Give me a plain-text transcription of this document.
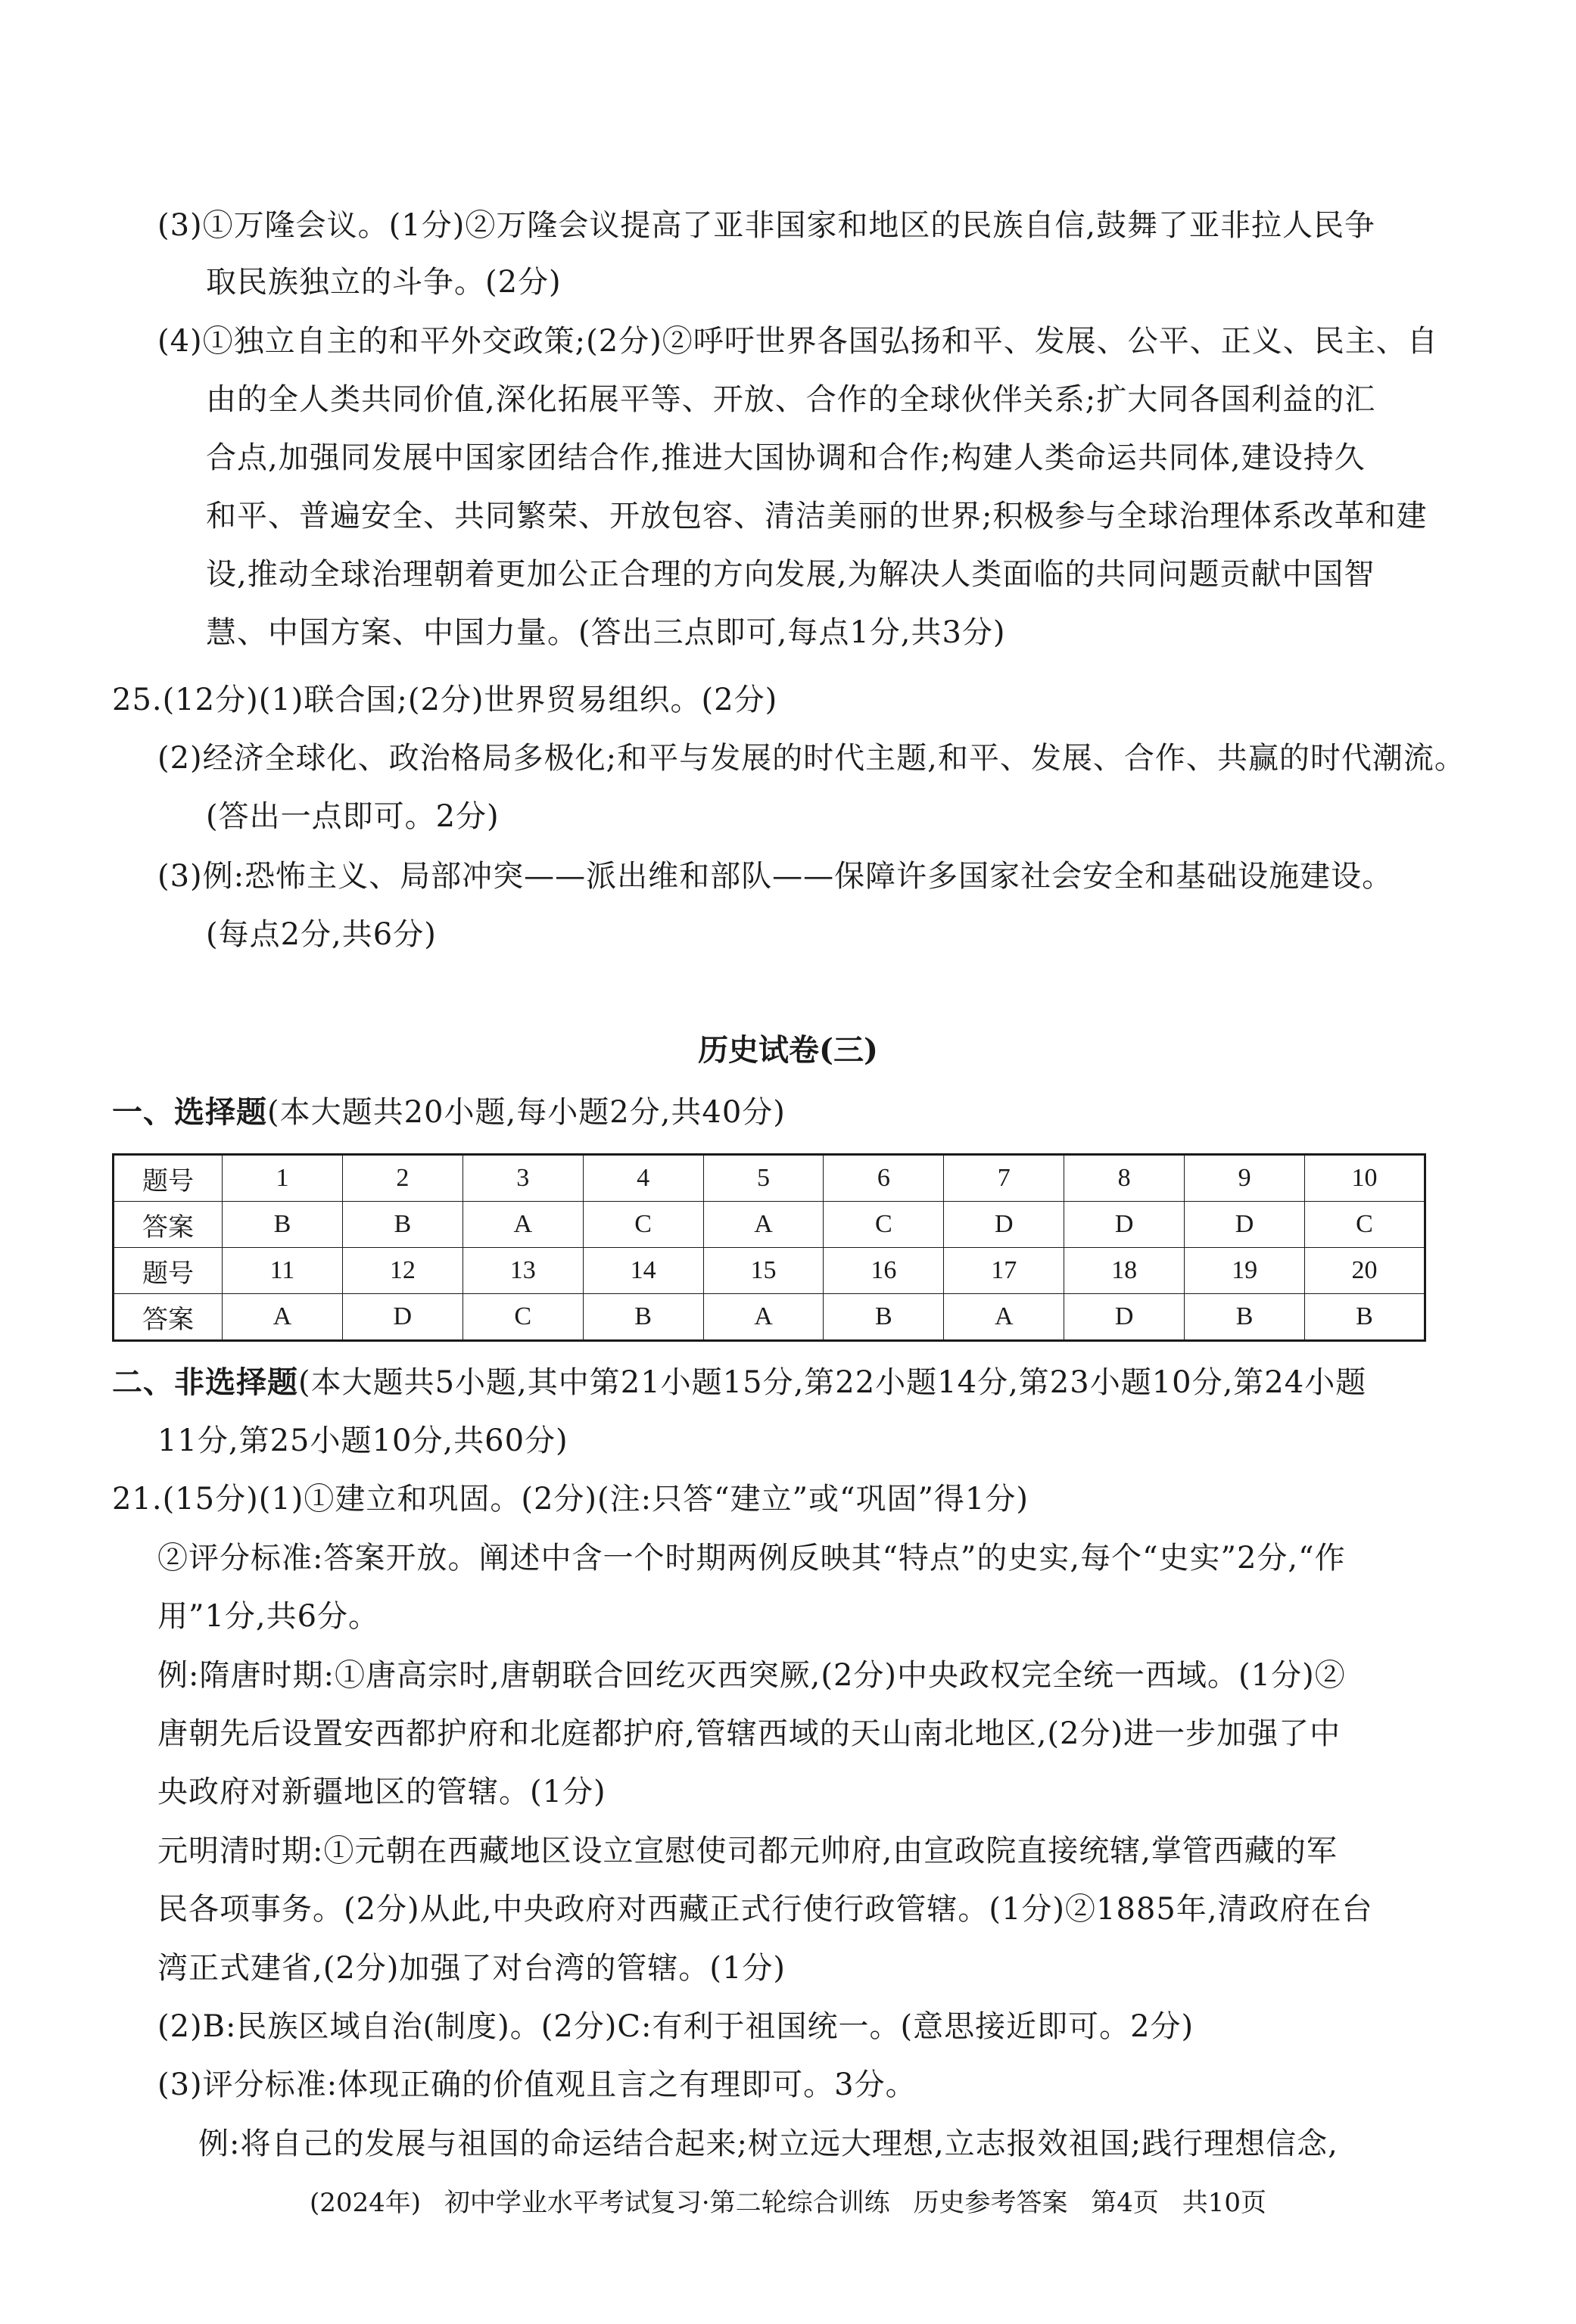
(3)①万隆会议。(1分)②万隆会议提高了亚非国家和地区的民族自信,鼓舞了亚非拉人民争
取民族独立的斗争。(2分)
(4)①独立自主的和平外交政策;(2分)②呼吁世界各国弘扬和平、发展、公平、正义、民主、自
由的全人类共同价值,深化拓展平等、开放、合作的全球伙伴关系;扩大同各国利益的汇
合点,加强同发展中国家团结合作,推进大国协调和合作;构建人类命运共同体,建设持久
和平、普遍安全、共同繁荣、开放包容、清洁美丽的世界;积极参与全球治理体系改革和建
设,推动全球治理朝着更加公正合理的方向发展,为解决人类面临的共同问题贡献中国智
慧、中国方案、中国力量。(答出三点即可,每点1分,共3分)
25.(12分)(1)联合国;(2分)世界贸易组织。(2分)
(2)经济全球化、政治格局多极化;和平与发展的时代主题,和平、发展、合作、共赢的时代潮流。
(答出一点即可。2分)
(3)例:恐怖主义、局部冲突——派出维和部队——保障许多国家社会安全和基础设施建设。
(每点2分,共6分)
历史试卷(三)
一、选择题(本大题共20小题,每小题2分,共40分)
题号	1	2	3	4	5	6	7	8	9	10
答案	B	B	A	C	A	C	D	D	D	C
题号	11	12	13	14	15	16	17	18	19	20
答案	A	D	C	B	A	B	A	D	B	B
二、非选择题(本大题共5小题,其中第21小题15分,第22小题14分,第23小题10分,第24小题
11分,第25小题10分,共60分)
21.(15分)(1)①建立和巩固。(2分)(注:只答“建立”或“巩固”得1分)
②评分标准:答案开放。阐述中含一个时期两例反映其“特点”的史实,每个“史实”2分,“作
用”1分,共6分。
例:隋唐时期:①唐高宗时,唐朝联合回纥灭西突厥,(2分)中央政权完全统一西域。(1分)②
唐朝先后设置安西都护府和北庭都护府,管辖西域的天山南北地区,(2分)进一步加强了中
央政府对新疆地区的管辖。(1分)
元明清时期:①元朝在西藏地区设立宣慰使司都元帅府,由宣政院直接统辖,掌管西藏的军
民各项事务。(2分)从此,中央政府对西藏正式行使行政管辖。(1分)②1885年,清政府在台
湾正式建省,(2分)加强了对台湾的管辖。(1分)
(2)B:民族区域自治(制度)。(2分)C:有利于祖国统一。(意思接近即可。2分)
(3)评分标准:体现正确的价值观且言之有理即可。3分。
例:将自己的发展与祖国的命运结合起来;树立远大理想,立志报效祖国;践行理想信念,
(2024年) 初中学业水平考试复习·第二轮综合训练 历史参考答案 第4页 共10页
